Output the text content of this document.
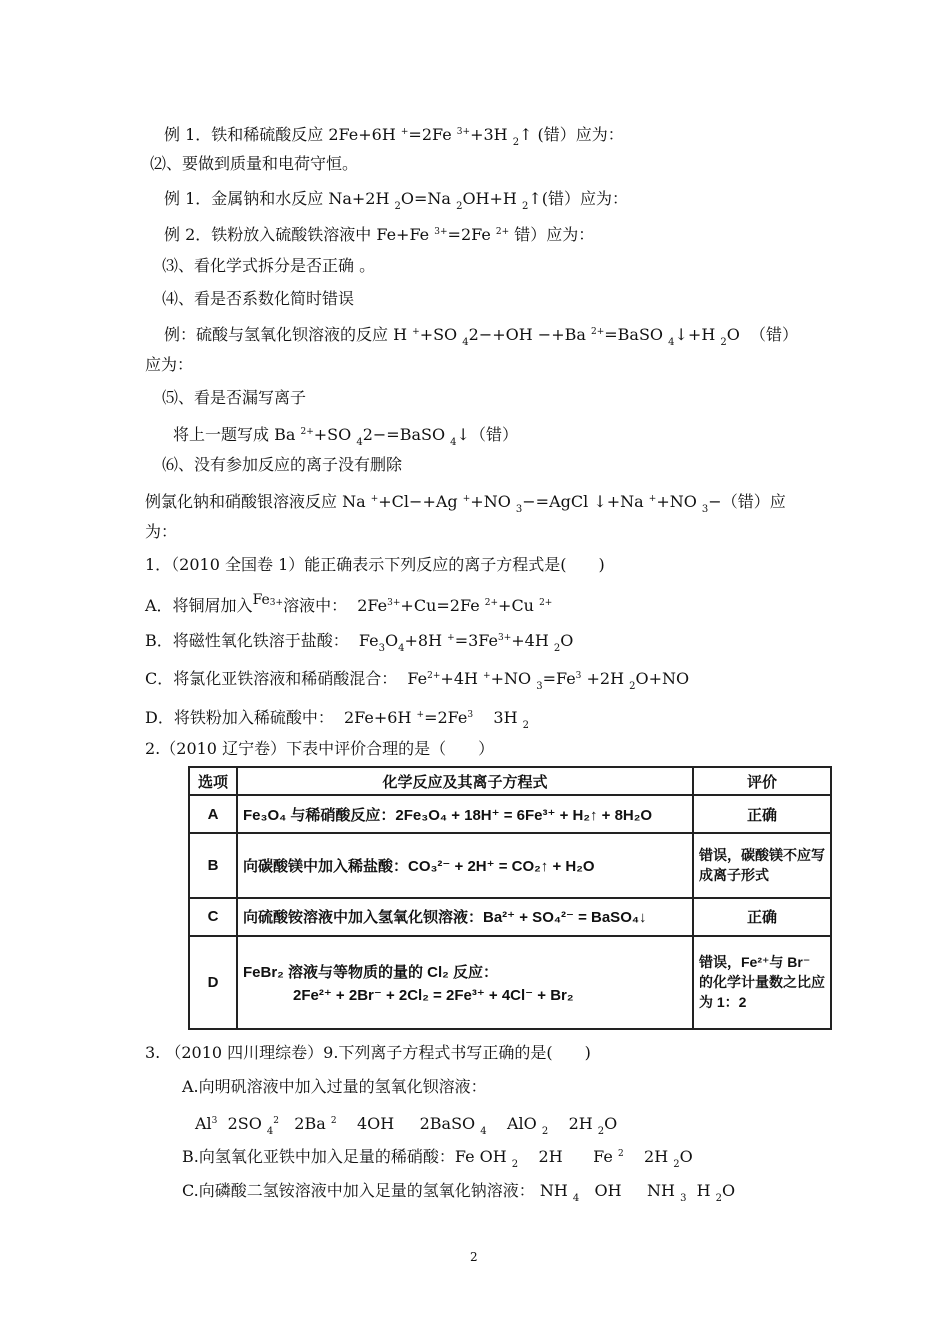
例 1．铁和稀硫酸反应 2Fe+6H +=2Fe $^{3+}$+3H $_2$↑ (错）应为：
⑵、要做到质量和电荷守恒。
例 1．金属钠和水反应 Na+2H $_2$O=Na $_2$OH+H $_2$↑(错）应为：
例 2．铁粉放入硫酸铁溶液中 Fe+Fe $^{3+}$=2Fe $^{2+}$ 错）应为：
⑶、看化学式拆分是否正确 。
⑷、看是否系数化简时错误
例：硫酸与氢氧化钡溶液的反应 H ++SO $_4$2−+OH −+Ba $^{2+}$=BaSO $_4$↓+H $_2$O  （错）
应为：
⑸、看是否漏写离子
将上一题写成 Ba $^{2+}$+SO $_4$2−=BaSO $_4$↓（错）
⑹、没有参加反应的离子没有删除
例氯化钠和硝酸银溶液反应 Na ++Cl−+Ag ++NO $_3$−=AgCl ↓+Na ++NO $_3$−（错）应
为：
1．（2010 全国卷 1）能正确表示下列反应的离子方程式是(　　)
A．将铜屑加入$Fe^{3+}$溶液中：  $2Fe^{3+}+Cu=2Fe$ $^{2+}$+Cu $^{2+}$
B．将磁性氧化铁溶于盐酸：  $Fe_3O_4+8H$ $^+=3Fe^{3+}+4H$ $_2$O
C．将氯化亚铁溶液和稀硝酸混合：  $Fe^{2+}+4H$ ++NO $_3=Fe^3 +2H$ $_2$O+NO
D．将铁粉加入稀硫酸中：  2Fe+6H $^+=2Fe^3$    3H $_2$
2.（2010 辽宁卷）下表中评价合理的是（　　）
选项	化学反应及其离子方程式	评价
A	Fe₃O₄ 与稀硝酸反应：2Fe₃O₄ + 18H⁺ = 6Fe³⁺ + H₂↑ + 8H₂O	正确
B	向碳酸镁中加入稀盐酸：CO₃²⁻ + 2H⁺ = CO₂↑ + H₂O	错误，碳酸镁不应写成离子形式
C	向硫酸铵溶液中加入氢氧化钡溶液：Ba²⁺ + SO₄²⁻ = BaSO₄↓	正确
D	FeBr₂ 溶液与等物质的量的 Cl₂ 反应：
2Fe²⁺ + 2Br⁻ + 2Cl₂ = 2Fe³⁺ + 4Cl⁻ + Br₂	错误，Fe²⁺与 Br⁻ 的化学计量数之比应为 1：2
3. （2010 四川理综卷）9.下列离子方程式书写正确的是(　　)
A.向明矾溶液中加入过量的氢氧化钡溶液：
Al$^3$  2SO $_4^2$   2Ba $^2$    4OH     2BaSO $_4$    AlO $_2$    2H $_2$O
B.向氢氧化亚铁中加入足量的稀硝酸：Fe OH $_2$    2H      Fe $^2$    2H $_2$O
C.向磷酸二氢铵溶液中加入足量的氢氧化钠溶液： NH $_4$   OH     NH $_3$  H $_2$O
2
